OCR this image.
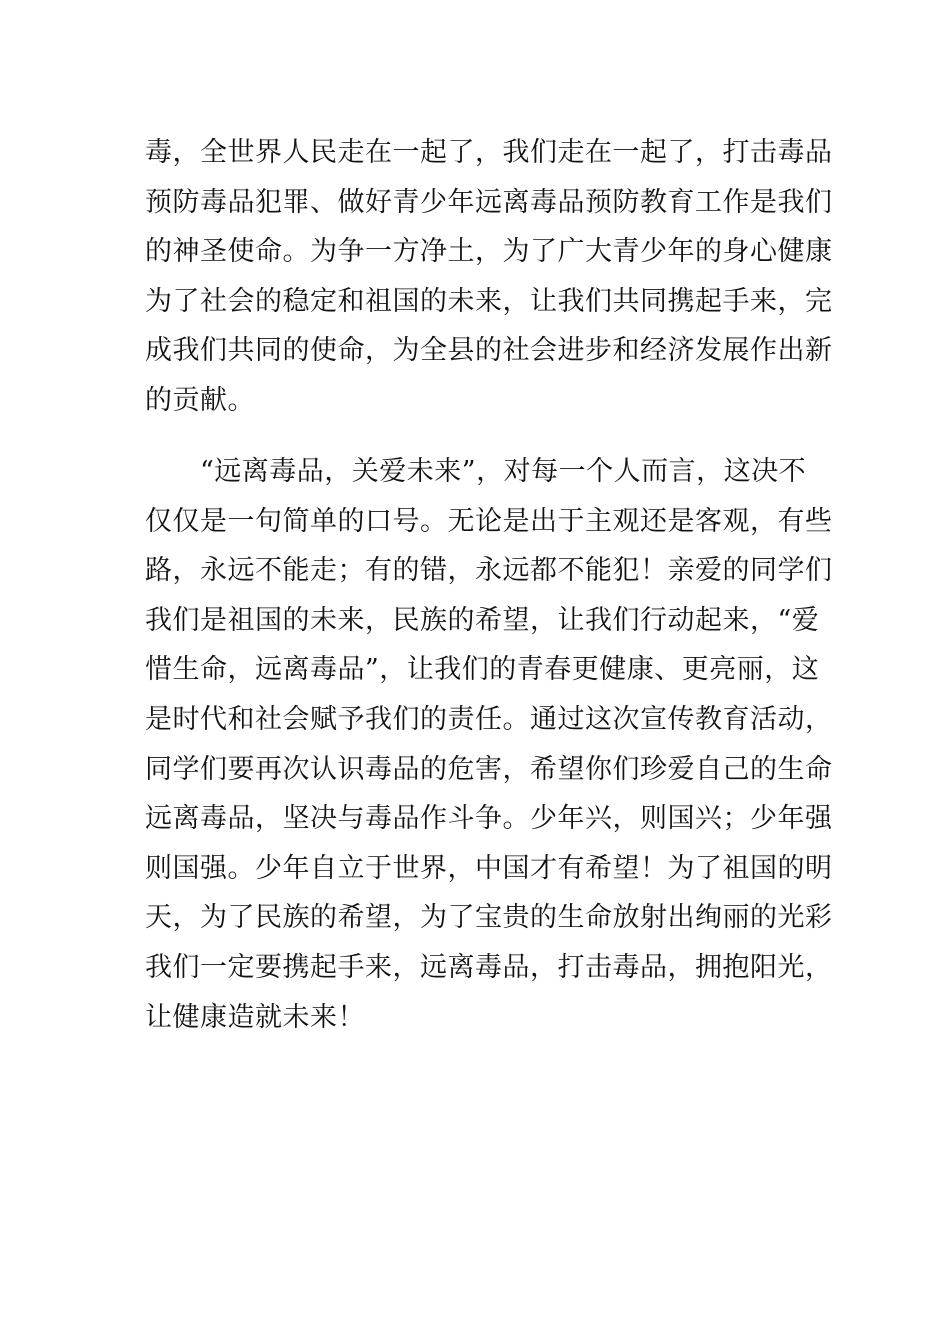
毒，全世界人民走在一起了，我们走在一起了，打击毒品
预防毒品犯罪、做好青少年远离毒品预防教育工作是我们
的神圣使命。为争一方净土，为了广大青少年的身心健康
为了社会的稳定和祖国的未来，让我们共同携起手来，完
成我们共同的使命，为全县的社会进步和经济发展作出新
的贡献。
　　“远离毒品，关爱未来”，对每一个人而言，这决不
仅仅是一句简单的口号。无论是出于主观还是客观，有些
路，永远不能走；有的错，永远都不能犯！亲爱的同学们
我们是祖国的未来，民族的希望，让我们行动起来，“爱
惜生命，远离毒品”，让我们的青春更健康、更亮丽，这
是时代和社会赋予我们的责任。通过这次宣传教育活动，
同学们要再次认识毒品的危害，希望你们珍爱自己的生命
远离毒品，坚决与毒品作斗争。少年兴，则国兴；少年强
则国强。少年自立于世界，中国才有希望！为了祖国的明
天，为了民族的希望，为了宝贵的生命放射出绚丽的光彩
我们一定要携起手来，远离毒品，打击毒品，拥抱阳光，
让健康造就未来！
